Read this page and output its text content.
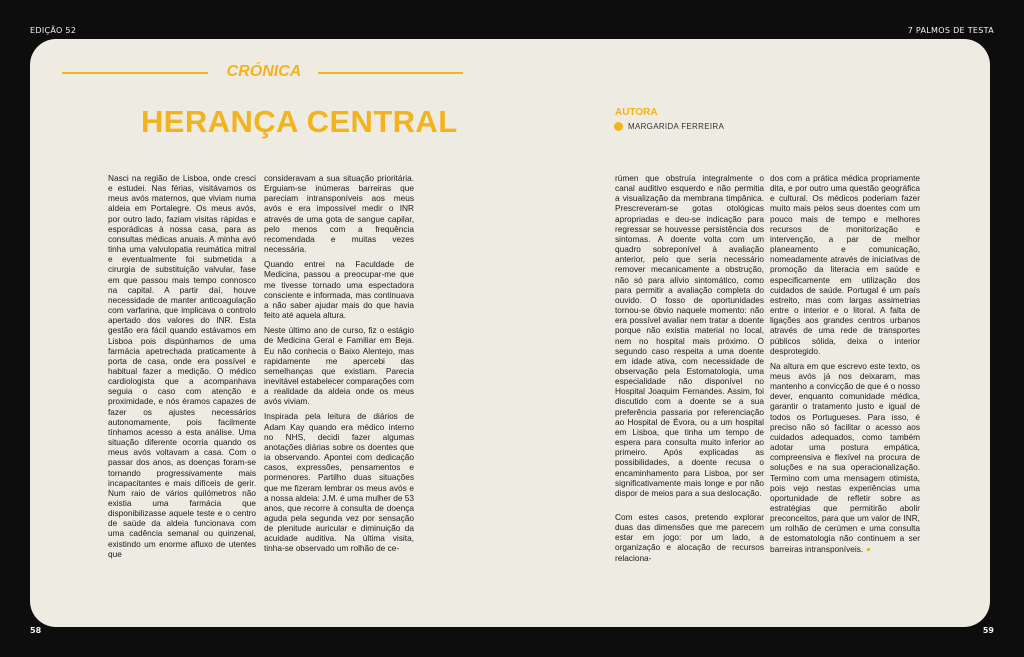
EDIÇÃO 52	7 PALMOS DE TESTA
CRÓNICA
HERANÇA CENTRAL	AUTORA
MARGARIDA FERREIRA

Nasci na região de Lisboa, onde cresci e estudei. Nas férias, visitávamos os meus avós maternos, que viviam numa aldeia em Portalegre. Os meus avós, por outro lado, faziam visitas rápidas e esporádicas à nossa casa, para as consultas médicas anuais. A minha avó tinha uma valvulopatia reumática mitral e eventualmente foi submetida a cirurgia de substituição valvular, fase em que passou mais tempo connosco na capital. A partir daí, houve necessidade de manter anticoagulação com varfarina, que implicava o controlo apertado dos valores do INR. Esta gestão era fácil quando estávamos em Lisboa pois dispúnhamos de uma farmácia apetrechada praticamente à porta de casa, onde era possível e habitual fazer a medição. O médico cardiologista que a acompanhava seguia o caso com atenção e proximidade, e nós éramos capazes de fazer os ajustes necessários autonomamente, pois facilmente tínhamos acesso a esta análise. Uma situação diferente ocorria quando os meus avós voltavam a casa. Com o passar dos anos, as doenças foram-se tornando progressivamente mais incapacitantes e mais difíceis de gerir. Num raio de vários quilómetros não existia uma farmácia que disponibilizasse aquele teste e o centro de saúde da aldeia funcionava com uma cadência semanal ou quinzenal, existindo um enorme afluxo de utentes que

consideravam a sua situação prioritária. Erguiam-se inúmeras barreiras que pareciam intransponíveis aos meus avós e era impossível medir o INR através de uma gota de sangue capilar, pelo menos com a frequência recomendada e muitas vezes necessária.

Quando entrei na Faculdade de Medicina, passou a preocupar-me que me tivesse tornado uma espectadora consciente e informada, mas continuava a não saber ajudar mais do que havia feito até aquela altura.

Neste último ano de curso, fiz o estágio de Medicina Geral e Familiar em Beja. Eu não conhecia o Baixo Alentejo, mas rapidamente me apercebi das semelhanças que existiam. Parecia inevitável estabelecer comparações com a realidade da aldeia onde os meus avós viviam.

Inspirada pela leitura de diários de Adam Kay quando era médico interno no NHS, decidi fazer algumas anotações diárias sobre os doentes que ia observando. Apontei com dedicação casos, expressões, pensamentos e pormenores. Partilho duas situações que me fizeram lembrar os meus avós e a nossa aldeia: J.M. é uma mulher de 53 anos, que recorre à consulta de doença aguda pela segunda vez por sensação de plenitude auricular e diminuição da acuidade auditiva. Na última visita, tinha-se observado um rolhão de ce-

rúmen que obstruía integralmente o canal auditivo esquerdo e não permitia a visualização da membrana timpânica. Prescreveram-se gotas otológicas apropriadas e deu-se indicação para regressar se houvesse persistência dos sintomas. A doente volta com um quadro sobreponível à avaliação anterior, pelo que seria necessário remover mecanicamente a obstrução, não só para alívio sintomático, como para permitir a avaliação completa do ouvido. O fosso de oportunidades tornou-se óbvio naquele momento: não era possível avaliar nem tratar a doente porque não existia material no local, nem no hospital mais próximo. O segundo caso respeita a uma doente em idade ativa, com necessidade de observação pela Estomatologia, uma especialidade não disponível no Hospital Joaquim Fernandes. Assim, foi discutido com a doente se a sua preferência passaria por referenciação ao Hospital de Évora, ou a um hospital em Lisboa, que tinha um tempo de espera para consulta muito inferior ao primeiro. Após explicadas as possibilidades, a doente recusa o encaminhamento para Lisboa, por ser significativamente mais longe e por não dispor de meios para a sua deslocação.

Com estes casos, pretendo explorar duas das dimensões que me parecem estar em jogo: por um lado, a organização e alocação de recursos relaciona-

dos com a prática médica propriamente dita, e por outro uma questão geográfica e cultural. Os médicos poderiam fazer muito mais pelos seus doentes com um pouco mais de tempo e melhores recursos de monitorização e intervenção, a par de melhor planeamento e comunicação, nomeadamente através de iniciativas de promoção da literacia em saúde e especificamente em utilização dos cuidados de saúde. Portugal é um país estreito, mas com largas assimetrias entre o interior e o litoral. A falta de ligações aos grandes centros urbanos através de uma rede de transportes públicos sólida, deixa o interior desprotegido.

Na altura em que escrevo este texto, os meus avós já nos deixaram, mas mantenho a convicção de que é o nosso dever, enquanto comunidade médica, garantir o tratamento justo e igual de todos os Portugueses. Para isso, é preciso não só facilitar o acesso aos cuidados adequados, como também adotar uma postura empática, compreensiva e flexível na procura de soluções e na sua operacionalização. Termino com uma mensagem otimista, pois vejo nestas experiências uma oportunidade de refletir sobre as estratégias que permitirão abolir preconceitos, para que um valor de INR, um rolhão de cerúmen e uma consulta de estomatologia não continuem a ser barreiras intransponíveis.

58	59
